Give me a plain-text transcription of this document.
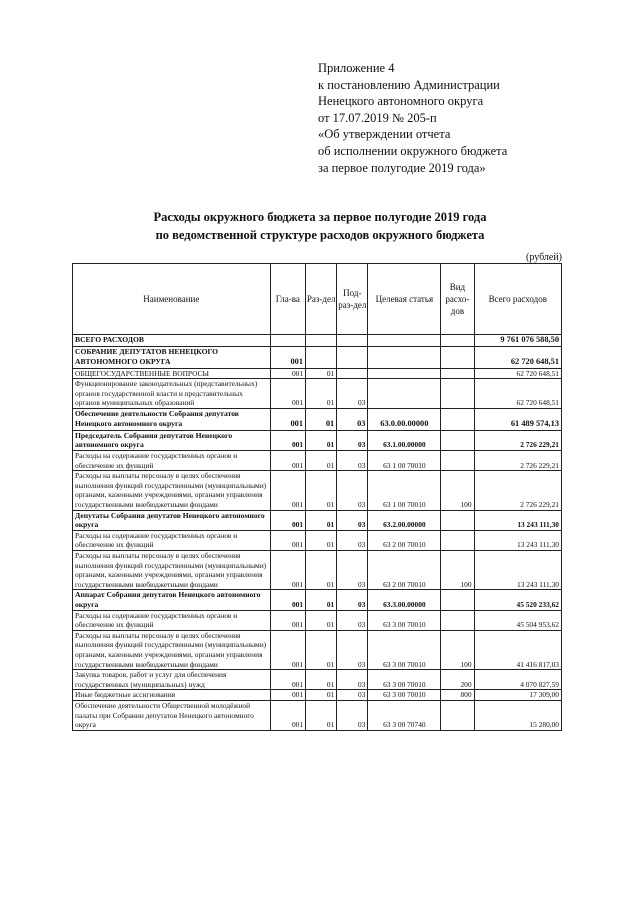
Приложение 4
к постановлению Администрации
Ненецкого автономного округа
от 17.07.2019 № 205-п
«Об утверждении отчета
об исполнении окружного бюджета
за первое полугодие 2019 года»
Расходы окружного бюджета за первое полугодие 2019 года
по ведомственной структуре расходов окружного бюджета
(рублей)
Наименование	Гла-ва	Раз-дел	Под-раз-дел	Целевая статья	Вид расхо-дов	Всего расходов
ВСЕГО РАСХОДОВ						9 761 076 588,50
СОБРАНИЕ ДЕПУТАТОВ НЕНЕЦКОГО АВТОНОМНОГО ОКРУГА	001					62 720 648,51
ОБЩЕГОСУДАРСТВЕННЫЕ ВОПРОСЫ	001	01				62 720 648,51
Функционирование законодательных (представительных) органов государственной власти и представительных органов муниципальных образований	001	01	03			62 720 648,51
Обеспечение деятельности Собрания депутатов Ненецкого автономного округа	001	01	03	63.0.00.00000		61 489 574,13
Председатель Собрания депутатов Ненецкого автономного округа	001	01	03	63.1.00.00000		2 726 229,21
Расходы на содержание государственных органов и обеспечение их функций	001	01	03	63 1 00 70010		2 726 229,21
Расходы на выплаты персоналу в целях обеспечения выполнения функций государственными (муниципальными) органами, казенными учреждениями, органами управления государственными внебюджетными фондами	001	01	03	63 1 00 70010	100	2 726 229,21
Депутаты Собрания депутатов Ненецкого автономного округа	001	01	03	63.2.00.00000		13 243 111,30
Расходы на содержание государственных органов и обеспечение их функций	001	01	03	63 2 00 70010		13 243 111,30
Расходы на выплаты персоналу в целях обеспечения выполнения функций государственными (муниципальными) органами, казенными учреждениями, органами управления государственными внебюджетными фондами	001	01	03	63 2 00 70010	100	13 243 111,30
Аппарат Собрания депутатов Ненецкого автономного округа	001	01	03	63.3.00.00000		45 520 233,62
Расходы на содержание государственных органов и обеспечение их функций	001	01	03	63 3 00 70010		45 504 953,62
Расходы на выплаты персоналу в целях обеспечения выполнения функций государственными (муниципальными) органами, казенными учреждениями, органами управления государственными внебюджетными фондами	001	01	03	63 3 00 70010	100	41 416 817,03
Закупка товаров, работ и услуг для обеспечения государственных (муниципальных) нужд	001	01	03	63 3 00 70010	200	4 070 827,59
Иные бюджетные ассигнования	001	01	03	63 3 00 70010	800	17 309,00
Обеспечение деятельности Общественной молодёжной палаты при Собрании депутатов Ненецкого автономного округа	001	01	03	63 3 00 70740		15 280,00
